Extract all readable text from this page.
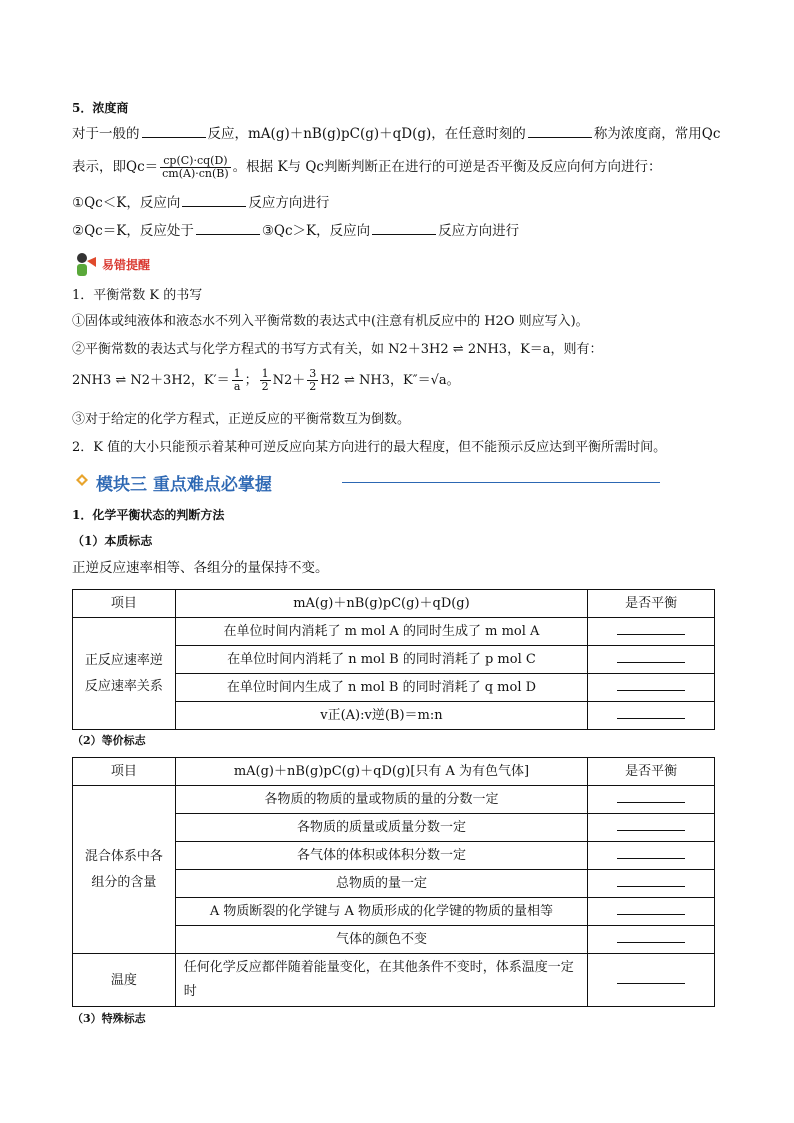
5．浓度商
对于一般的	反应，mA(g)＋nB(g)pC(g)＋qD(g)，在任意时刻的	称为浓度商，常用Qc
表示，即$Qc= \frac{cp(C)\cdot cq(D)}{cm(A)\cdot cn(B)}$ 。根据 K与 Qc判断判断正在进行的可逆是否平衡及反应向何方向进行：
①Qc＜K，反应向	反应方向进行
②Qc＝K，反应处于	③Qc＞K，反应向	反应方向进行
易错提醒
1．平衡常数 K 的书写
①固体或纯液体和液态水不列入平衡常数的表达式中(注意有机反应中的 H2O 则应写入)。
②平衡常数的表达式与化学方程式的书写方式有关，如 N2＋3H2 ⇌ 2NH3，K＝a，则有：
2NH3 ⇌ N2＋3H2，$K'= \frac{1}{a}$ ； $\frac{1}{2} N2+ \frac{3}{2} H2$ ⇌ NH3，K″＝√a。
③对于给定的化学方程式，正逆反应的平衡常数互为倒数。
2．K 值的大小只能预示着某种可逆反应向某方向进行的最大程度，但不能预示反应达到平衡所需时间。
模块三 重点难点必掌握
1．化学平衡状态的判断方法
（1）本质标志
正逆反应速率相等、各组分的量保持不变。
项目	mA(g)＋nB(g)pC(g)＋qD(g)	是否平衡
正反应速率逆反应速率关系	在单位时间内消耗了 m mol A 的同时生成了 m mol A	
	在单位时间内消耗了 n mol B 的同时消耗了 p mol C	
	在单位时间内生成了 n mol B 的同时消耗了 q mol D	
	v正(A):v逆(B)＝m:n	
（2）等价标志
项目	mA(g)＋nB(g)pC(g)＋qD(g)[只有 A 为有色气体]	是否平衡
混合体系中各组分的含量	各物质的物质的量或物质的量的分数一定	
	各物质的质量或质量分数一定	
	各气体的体积或体积分数一定	
	总物质的量一定	
	A 物质断裂的化学键与 A 物质形成的化学键的物质的量相等	
	气体的颜色不变	
温度	任何化学反应都伴随着能量变化，在其他条件不变时，体系温度一定时	
（3）特殊标志
